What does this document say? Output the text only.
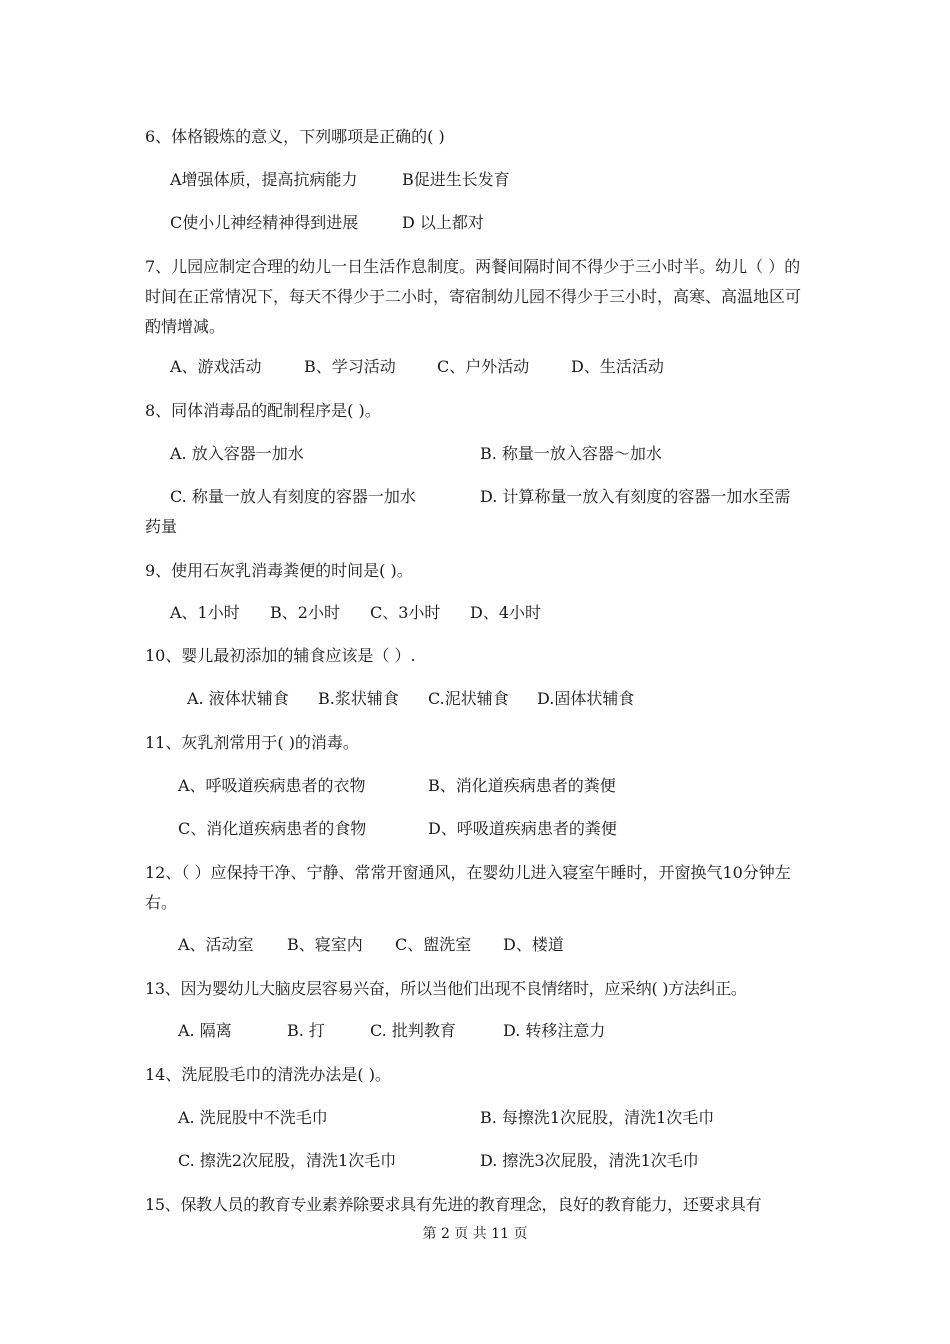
6、体格锻炼的意义，下列哪项是正确的( )
A增强体质，提高抗病能力	B促进生长发育
C使小儿神经精神得到进展	D 以上都对
7、儿园应制定合理的幼儿一日生活作息制度。两餐间隔时间不得少于三小时半。幼儿（ ）的时间在正常情况下，每天不得少于二小时，寄宿制幼儿园不得少于三小时，高寒、高温地区可酌情增减。
A、游戏活动	B、学习活动	C、户外活动	D、生活活动
8、同体消毒品的配制程序是( )。
A. 放入容器一加水	B. 称量一放入容器～加水
C. 称量一放人有刻度的容器一加水	D. 计算称量一放入有刻度的容器一加水至需
药量
9、使用石灰乳消毒粪便的时间是( )。
A、1小时 B、2小时 C、3小时 D、4小时
10、婴儿最初添加的辅食应该是（ ）.
A. 液体状辅食 B.浆状辅食 C.泥状辅食 D.固体状辅食
11、灰乳剂常用于( )的消毒。
A、呼吸道疾病患者的衣物	B、消化道疾病患者的粪便
C、消化道疾病患者的食物	D、呼吸道疾病患者的粪便
12、（ ）应保持干净、宁静、常常开窗通风，在婴幼儿进入寝室午睡时，开窗换气10分钟左右。
A、活动室 B、寝室内 C、盥洗室 D、楼道
13、因为婴幼儿大脑皮层容易兴奋，所以当他们出现不良情绪时，应采纳( )方法纠正。
A. 隔离	B. 打	C. 批判教育	D. 转移注意力
14、洗屁股毛巾的清洗办法是( )。
A. 洗屁股中不洗毛巾	B. 每擦洗1次屁股，清洗1次毛巾
C. 擦洗2次屁股，清洗1次毛巾	D. 擦洗3次屁股，清洗1次毛巾
15、保教人员的教育专业素养除要求具有先进的教育理念，良好的教育能力，还要求具有
第 2 页 共 11 页
